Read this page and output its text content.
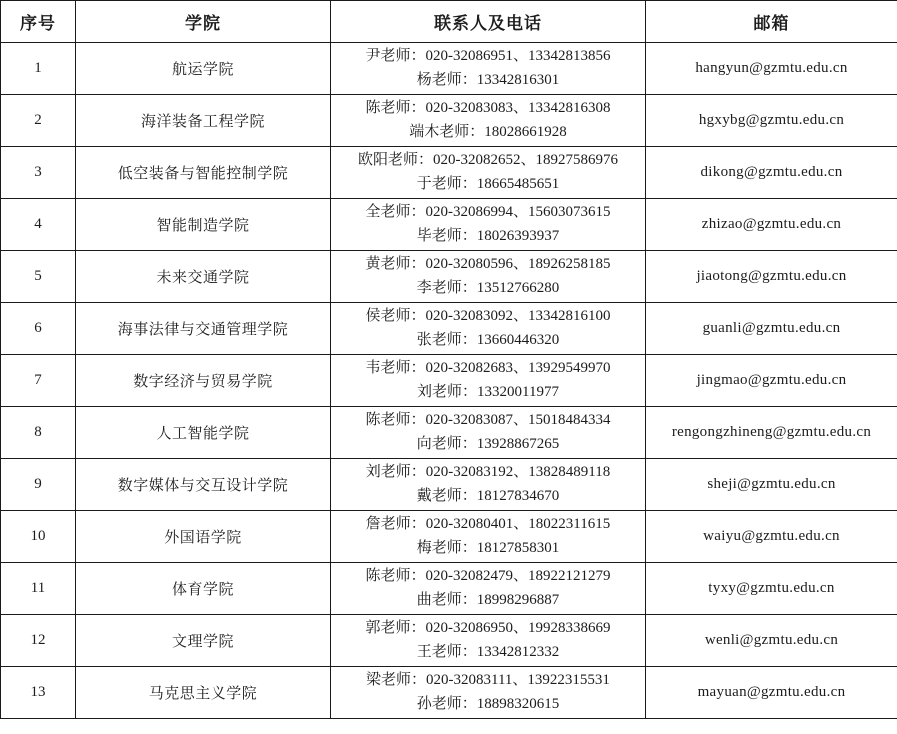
序号	学院	联系人及电话	邮箱
1	航运学院	尹老师：020-32086951、13342813856
杨老师：13342816301	hangyun@gzmtu.edu.cn
2	海洋装备工程学院	陈老师：020-32083083、13342816308
端木老师：18028661928	hgxybg@gzmtu.edu.cn
3	低空装备与智能控制学院	欧阳老师：020-32082652、18927586976
于老师：18665485651	dikong@gzmtu.edu.cn
4	智能制造学院	全老师：020-32086994、15603073615
毕老师：18026393937	zhizao@gzmtu.edu.cn
5	未来交通学院	黄老师：020-32080596、18926258185
李老师：13512766280	jiaotong@gzmtu.edu.cn
6	海事法律与交通管理学院	侯老师：020-32083092、13342816100
张老师：13660446320	guanli@gzmtu.edu.cn
7	数字经济与贸易学院	韦老师：020-32082683、13929549970
刘老师：13320011977	jingmao@gzmtu.edu.cn
8	人工智能学院	陈老师：020-32083087、15018484334
向老师：13928867265	rengongzhineng@gzmtu.edu.cn
9	数字媒体与交互设计学院	刘老师：020-32083192、13828489118
戴老师：18127834670	sheji@gzmtu.edu.cn
10	外国语学院	詹老师：020-32080401、18022311615
梅老师：18127858301	waiyu@gzmtu.edu.cn
11	体育学院	陈老师：020-32082479、18922121279
曲老师：18998296887	tyxy@gzmtu.edu.cn
12	文理学院	郭老师：020-32086950、19928338669
王老师：13342812332	wenli@gzmtu.edu.cn
13	马克思主义学院	梁老师：020-32083111、13922315531
孙老师：18898320615	mayuan@gzmtu.edu.cn
